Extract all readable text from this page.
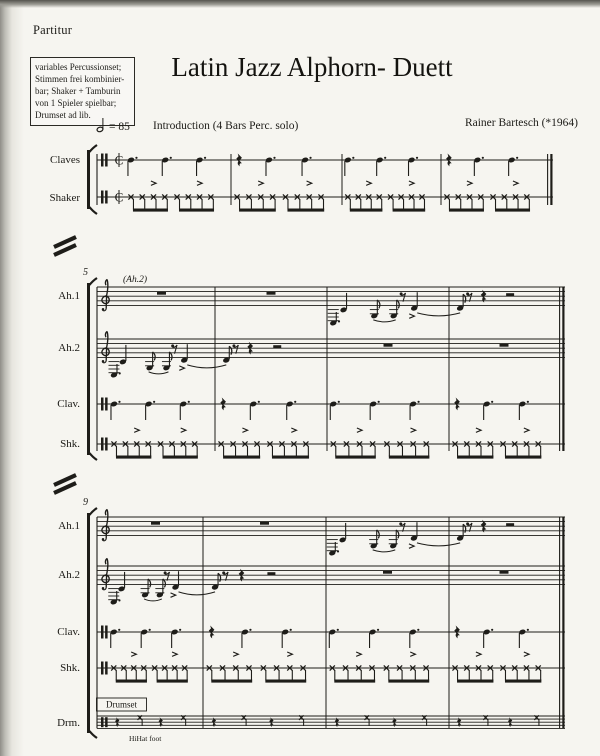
Partitur
variables Percussionset;
Stimmen frei kombinier-
bar; Shaker + Tamburin
von 1 Spieler spielbar;
Drumset ad lib.
Latin Jazz Alphorn- Duett
= 85 Introduction (4 Bars Perc. solo)	Rainer Bartesch (*1964)
Claves	C
Shaker	C
Ah.1
Ah.2
Clav.
Shk.
5
(Ah.2)
Ah.1
Ah.2
Clav.
Shk.
Drm.
Drumset
HiHat foot
9
